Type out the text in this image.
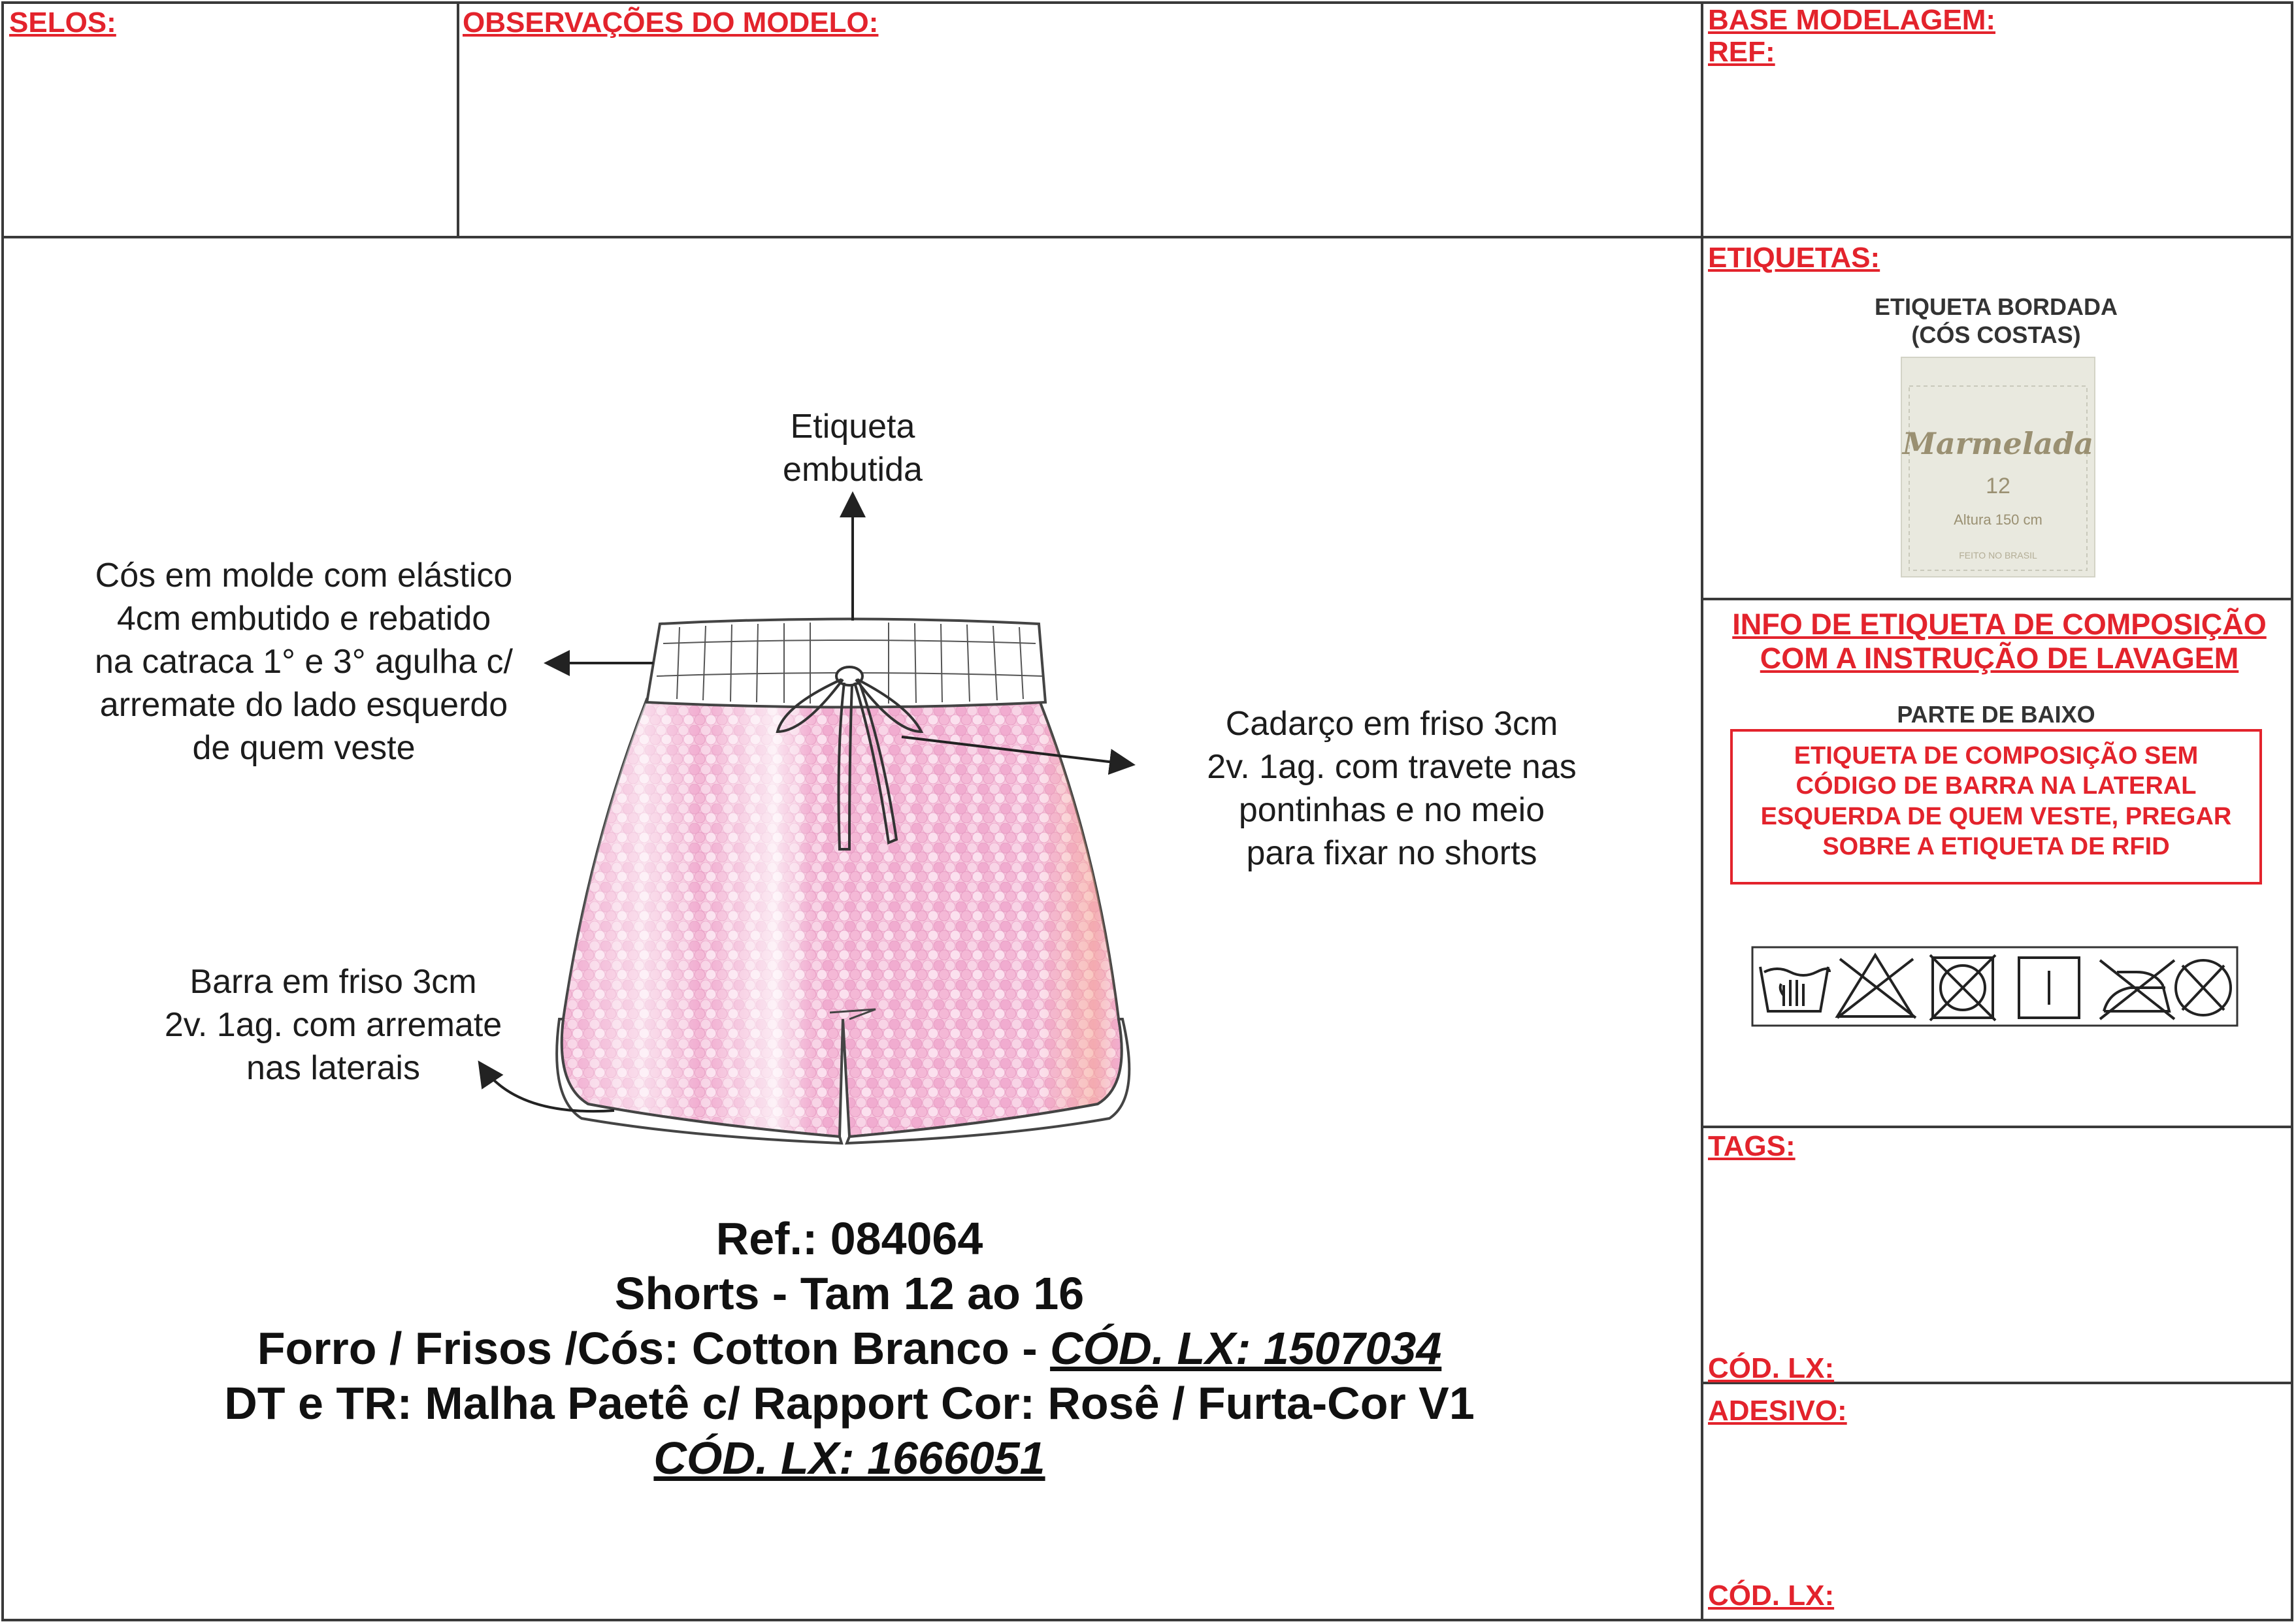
SELOS:	OBSERVAÇÕES DO MODELO:	BASE MODELAGEM:
REF:
ETIQUETAS:
ETIQUETA BORDADA
(CÓS COSTAS)
Marmelada
12
Altura 150 cm
FEITO NO BRASIL
INFO DE ETIQUETA DE COMPOSIÇÃO
COM A INSTRUÇÃO DE LAVAGEM
PARTE DE BAIXO
ETIQUETA DE COMPOSIÇÃO SEM
CÓDIGO DE BARRA NA LATERAL
ESQUERDA DE QUEM VESTE, PREGAR
SOBRE A ETIQUETA DE RFID
TAGS:
CÓD. LX:
ADESIVO:
CÓD. LX:
Etiqueta
embutida
Cós em molde com elástico
4cm embutido e rebatido
na catraca 1° e 3° agulha c/
arremate do lado esquerdo
de quem veste
Cadarço em friso 3cm
2v. 1ag. com travete nas
pontinhas e no meio
para fixar no shorts
Barra em friso 3cm
2v. 1ag. com arremate
nas laterais
Ref.: 084064
Shorts - Tam 12 ao 16
Forro / Frisos /Cós: Cotton Branco - CÓD. LX: 1507034
DT e TR: Malha Paetê c/ Rapport Cor: Rosê / Furta-Cor V1
CÓD. LX: 1666051
